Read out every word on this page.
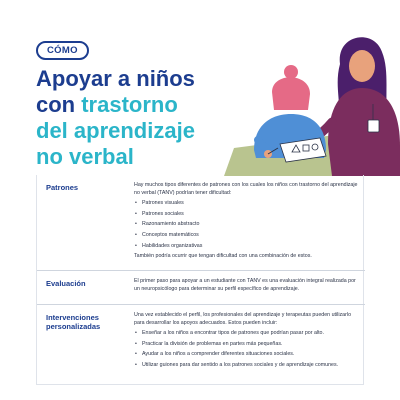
CÓMO
Apoyar a niños
con trastorno
del aprendizaje
no verbal
Patrones	Hay muchos tipos diferentes de patrones con los cuales los niños con trastorno del aprendizaje no verbal (TANV) podrían tener dificultad:

• Patrones visuales
• Patrones sociales
• Razonamiento abstracto
• Conceptos matemáticos
• Habilidades organizativas

También podría ocurrir que tengan dificultad con una combinación de estos.

Evaluación	El primer paso para apoyar a un estudiante con TANV es una evaluación integral realizada por un neuropsicólogo para determinar su perfil específico de aprendizaje.

Intervenciones
personalizadas

Una vez establecido el perfil, los profesionales del aprendizaje y terapeutas pueden utilizarlo para desarrollar los apoyos adecuados. Estos pueden incluir:

• Enseñar a los niños a encontrar tipos de patrones que podrían pasar por alto.
• Practicar la división de problemas en partes más pequeñas.
• Ayudar a los niños a comprender diferentes situaciones sociales.
• Utilizar guiones para dar sentido a los patrones sociales y de aprendizaje comunes.
